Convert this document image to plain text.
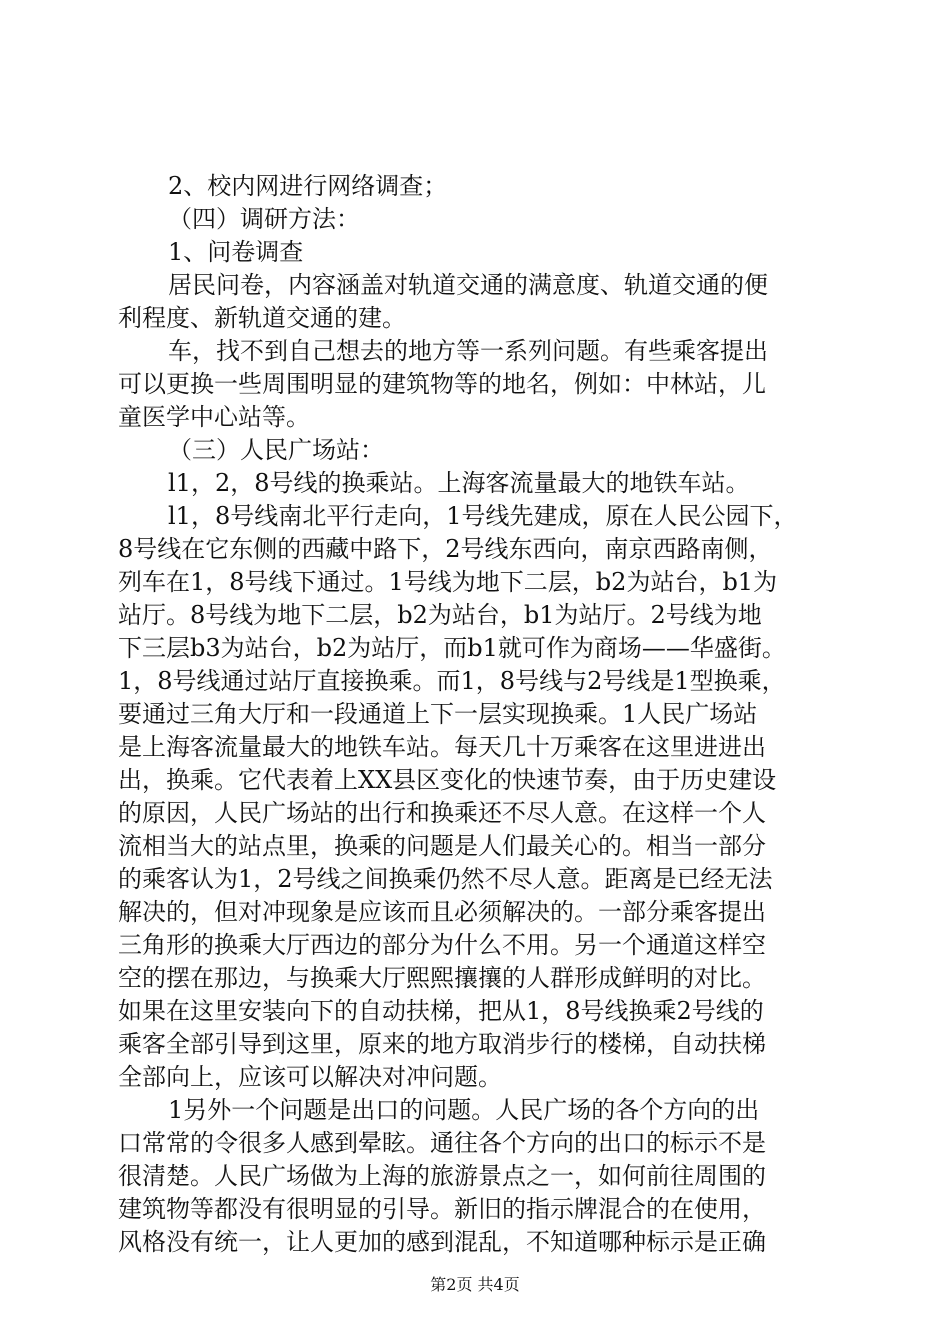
2、校内网进行网络调查；
（四）调研方法：
1、问卷调查
居民问卷，内容涵盖对轨道交通的满意度、轨道交通的便
利程度、新轨道交通的建。
车，找不到自己想去的地方等一系列问题。有些乘客提出
可以更换一些周围明显的建筑物等的地名，例如：中林站，儿
童医学中心站等。
（三）人民广场站：
l1，2，8号线的换乘站。上海客流量最大的地铁车站。
l1，8号线南北平行走向，1号线先建成，原在人民公园下，
8号线在它东侧的西藏中路下，2号线东西向，南京西路南侧，
列车在1，8号线下通过。1号线为地下二层，b2为站台，b1为
站厅。8号线为地下二层，b2为站台，b1为站厅。2号线为地
下三层b3为站台，b2为站厅，而b1就可作为商场——华盛街。
1，8号线通过站厅直接换乘。而1，8号线与2号线是1型换乘，
要通过三角大厅和一段通道上下一层实现换乘。1人民广场站
是上海客流量最大的地铁车站。每天几十万乘客在这里进进出
出，换乘。它代表着上XX县区变化的快速节奏，由于历史建设
的原因，人民广场站的出行和换乘还不尽人意。在这样一个人
流相当大的站点里，换乘的问题是人们最关心的。相当一部分
的乘客认为1，2号线之间换乘仍然不尽人意。距离是已经无法
解决的，但对冲现象是应该而且必须解决的。一部分乘客提出
三角形的换乘大厅西边的部分为什么不用。另一个通道这样空
空的摆在那边，与换乘大厅熙熙攘攘的人群形成鲜明的对比。
如果在这里安装向下的自动扶梯，把从1，8号线换乘2号线的
乘客全部引导到这里，原来的地方取消步行的楼梯，自动扶梯
全部向上，应该可以解决对冲问题。
1另外一个问题是出口的问题。人民广场的各个方向的出
口常常的令很多人感到晕眩。通往各个方向的出口的标示不是
很清楚。人民广场做为上海的旅游景点之一，如何前往周围的
建筑物等都没有很明显的引导。新旧的指示牌混合的在使用，
风格没有统一，让人更加的感到混乱，不知道哪种标示是正确
第2页 共4页
